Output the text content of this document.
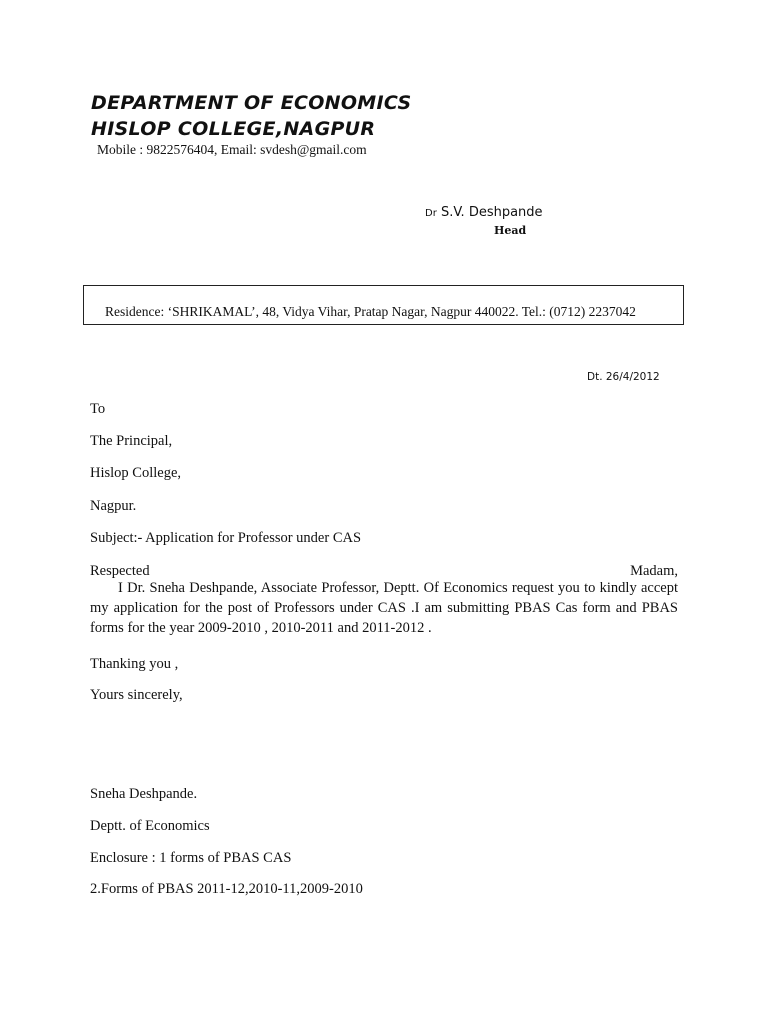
DEPARTMENT OF ECONOMICS
HISLOP COLLEGE,NAGPUR
Mobile : 9822576404, Email: svdesh@gmail.com
Dr S.V. Deshpande
Head
Residence: ‘SHRIKAMAL’, 48, Vidya Vihar, Pratap Nagar, Nagpur 440022. Tel.: (0712) 2237042
Dt. 26/4/2012
To
The Principal,
Hislop College,
Nagpur.
Subject:- Application for Professor under CAS
Respected	Madam,
I Dr. Sneha Deshpande, Associate Professor, Deptt. Of Economics request you to kindly accept my application for the post of Professors under CAS .I am submitting PBAS Cas form and PBAS forms for the year 2009-2010 , 2010-2011 and 2011-2012 .
Thanking you ,
Yours sincerely,
Sneha Deshpande.
Deptt. of Economics
Enclosure : 1 forms of PBAS CAS
2.Forms of PBAS 2011-12,2010-11,2009-2010
